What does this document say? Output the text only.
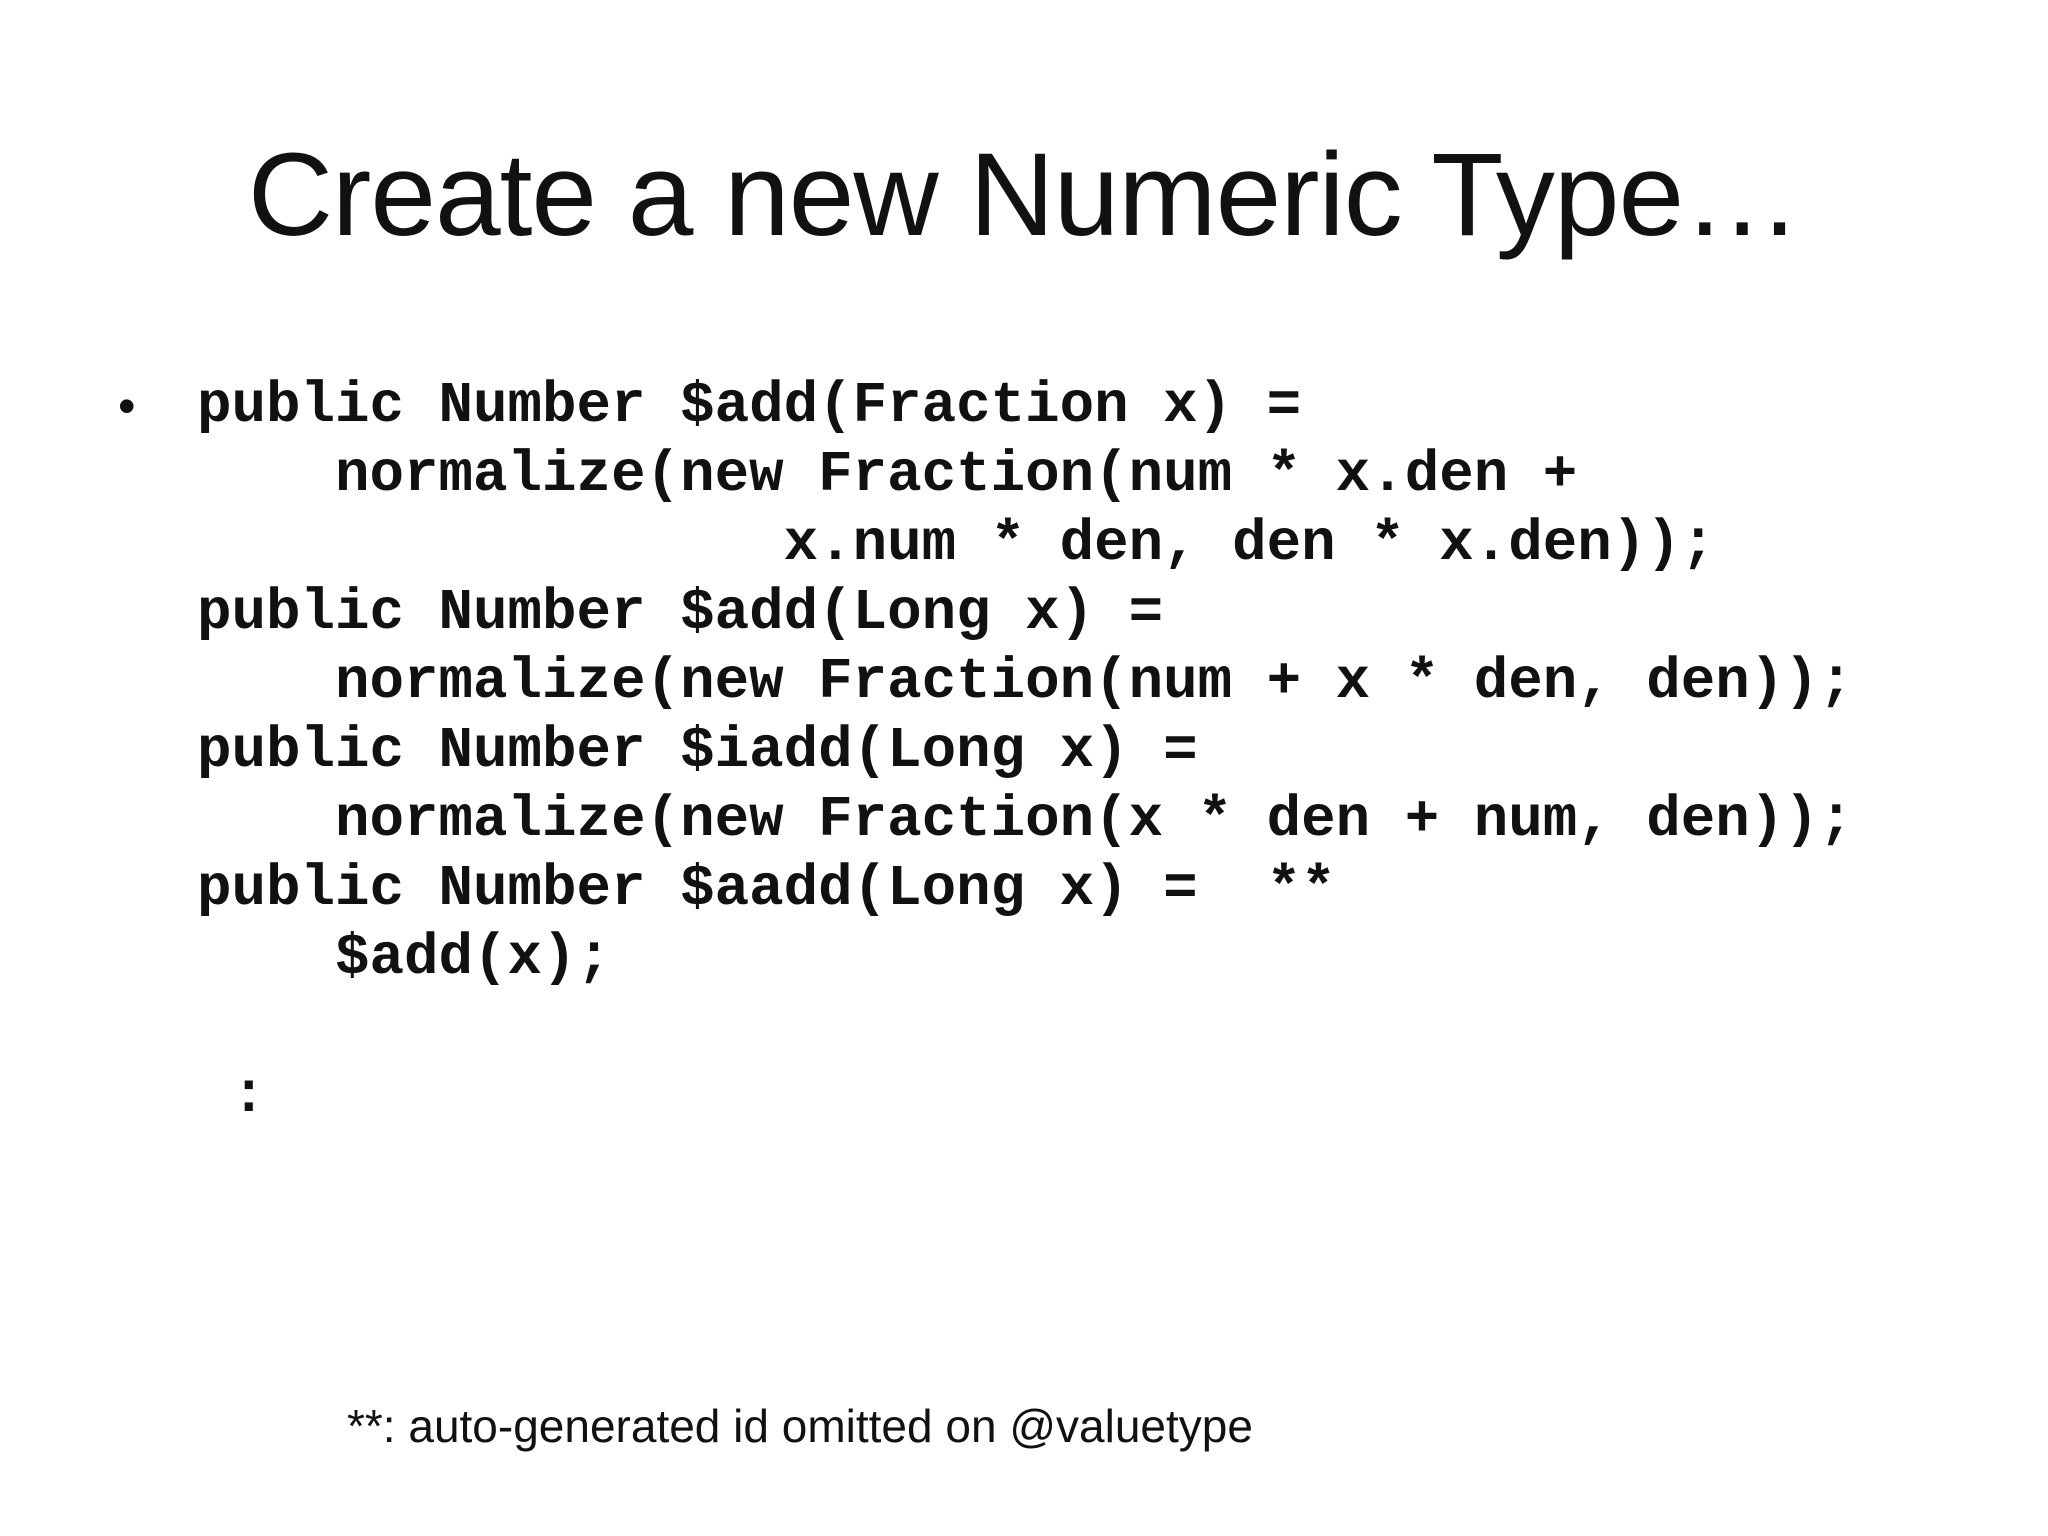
Create a new Numeric Type…
• public Number $add(Fraction x) =
normalize(new Fraction(num * x.den +
x.num * den, den * x.den));
public Number $add(Long x) =
normalize(new Fraction(num + x * den, den));
public Number $iadd(Long x) =
normalize(new Fraction(x * den + num, den));
public Number $aadd(Long x) =  **
$add(x);
:
**: auto-generated id omitted on @valuetype
